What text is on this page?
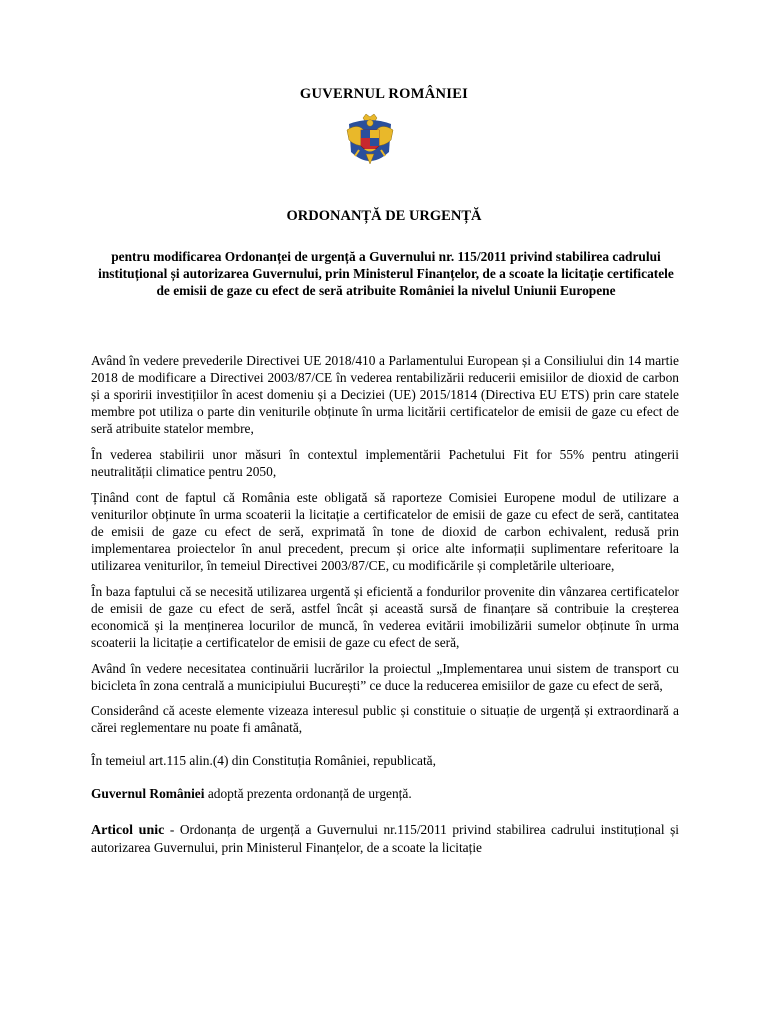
GUVERNUL ROMÂNIEI
ORDONANȚĂ DE URGENȚĂ
pentru modificarea Ordonanței de urgență a Guvernului nr. 115/2011 privind stabilirea cadrului instituțional și autorizarea Guvernului, prin Ministerul Finanțelor, de a scoate la licitație certificatele de emisii de gaze cu efect de seră atribuite României la nivelul Uniunii Europene

Având în vedere prevederile Directivei UE 2018/410 a Parlamentului European și a Consiliului din 14 martie 2018 de modificare a Directivei 2003/87/CE în vederea rentabilizării reducerii emisiilor de dioxid de carbon și a sporirii investițiilor în acest domeniu și a Deciziei (UE) 2015/1814 (Directiva EU ETS) prin care statele membre pot utiliza o parte din veniturile obținute în urma licitării certificatelor de emisii de gaze cu efect de seră atribuite statelor membre,

În vederea stabilirii unor măsuri în contextul implementării Pachetului Fit for 55% pentru atingerii neutralității climatice pentru 2050,

Ținând cont de faptul că România este obligată să raporteze Comisiei Europene modul de utilizare a veniturilor obținute în urma scoaterii la licitație a certificatelor de emisii de gaze cu efect de seră, cantitatea de emisii de gaze cu efect de seră, exprimată în tone de dioxid de carbon echivalent, redusă prin implementarea proiectelor în anul precedent, precum și orice alte informații suplimentare referitoare la utilizarea veniturilor, în temeiul Directivei 2003/87/CE, cu modificările și completările ulterioare,

În baza faptului că se necesită utilizarea urgentă și eficientă a fondurilor provenite din vânzarea certificatelor de emisii de gaze cu efect de seră, astfel încât și această sursă de finanțare să contribuie la creșterea economică și la menținerea locurilor de muncă, în vederea evitării imobilizării sumelor obținute în urma scoaterii la licitație a certificatelor de emisii de gaze cu efect de seră,

Având în vedere necesitatea continuării lucrărilor la proiectul „Implementarea unui sistem de transport cu bicicleta în zona centrală a municipiului București” ce duce la reducerea emisiilor de gaze cu efect de seră,

Considerând că aceste elemente vizeaza interesul public și constituie o situație de urgență și extraordinară a cărei reglementare nu poate fi amânată,

În temeiul art.115 alin.(4) din Constituția României, republicată,

Guvernul României adoptă prezenta ordonanță de urgență.

Articol unic - Ordonanța de urgență a Guvernului nr.115/2011 privind stabilirea cadrului instituțional și autorizarea Guvernului, prin Ministerul Finanțelor, de a scoate la licitație
